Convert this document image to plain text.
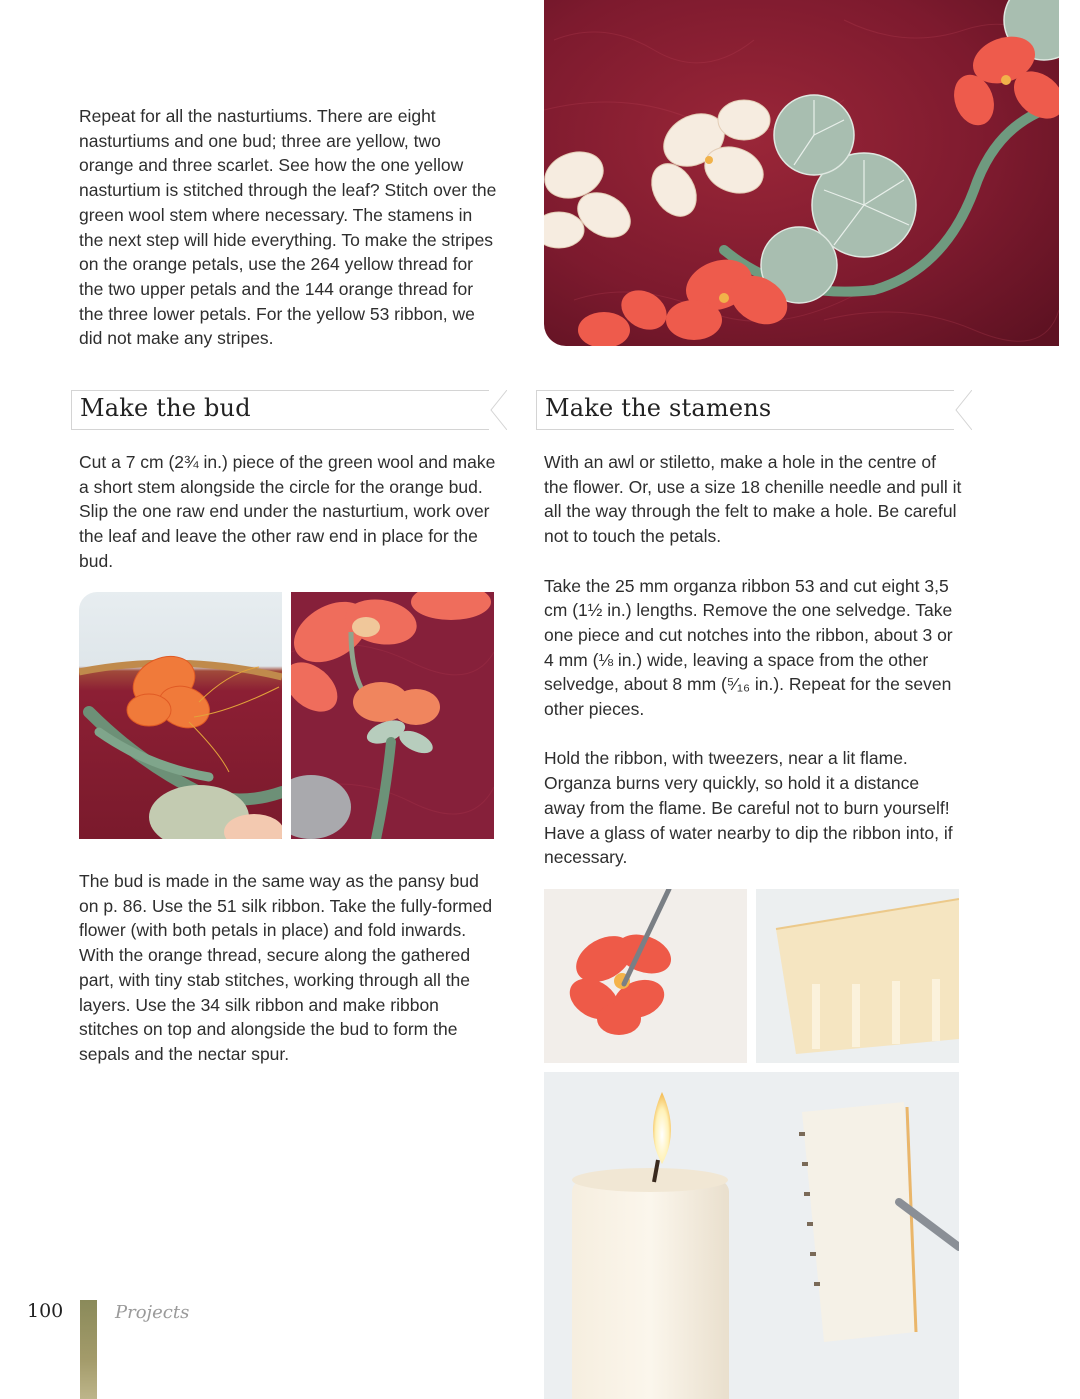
Repeat for all the nasturtiums. There are eight nasturtiums and one bud; three are yellow, two orange and three scarlet. See how the one yellow nasturtium is stitched through the leaf? Stitch over the green wool stem where necessary. The stamens in the next step will hide everything. To make the stripes on the orange petals, use the 264 yellow thread for the two upper petals and the 144 orange thread for the three lower petals. For the yellow 53 ribbon, we did not make any stripes.

Make the bud	Make the stamens

Cut a 7 cm (2¾ in.) piece of the green wool and make a short stem alongside the circle for the orange bud. Slip the one raw end under the nasturtium, work over the leaf and leave the other raw end in place for the bud.

The bud is made in the same way as the pansy bud on p. 86. Use the 51 silk ribbon. Take the fully-formed flower (with both petals in place) and fold inwards. With the orange thread, secure along the gathered part, with tiny stab stitches, working through all the layers. Use the 34 silk ribbon and make ribbon stitches on top and alongside the bud to form the sepals and the nectar spur.

With an awl or stiletto, make a hole in the centre of the flower. Or, use a size 18 chenille needle and pull it all the way through the felt to make a hole. Be careful not to touch the petals.

Take the 25 mm organza ribbon 53 and cut eight 3,5 cm (1½ in.) lengths. Remove the one selvedge. Take one piece and cut notches into the ribbon, about 3 or 4 mm (⅛ in.) wide, leaving a space from the other selvedge, about 8 mm (⁵⁄₁₆ in.). Repeat for the seven other pieces.

Hold the ribbon, with tweezers, near a lit flame. Organza burns very quickly, so hold it a distance away from the flame. Be careful not to burn yourself! Have a glass of water nearby to dip the ribbon into, if necessary.

100	Projects
